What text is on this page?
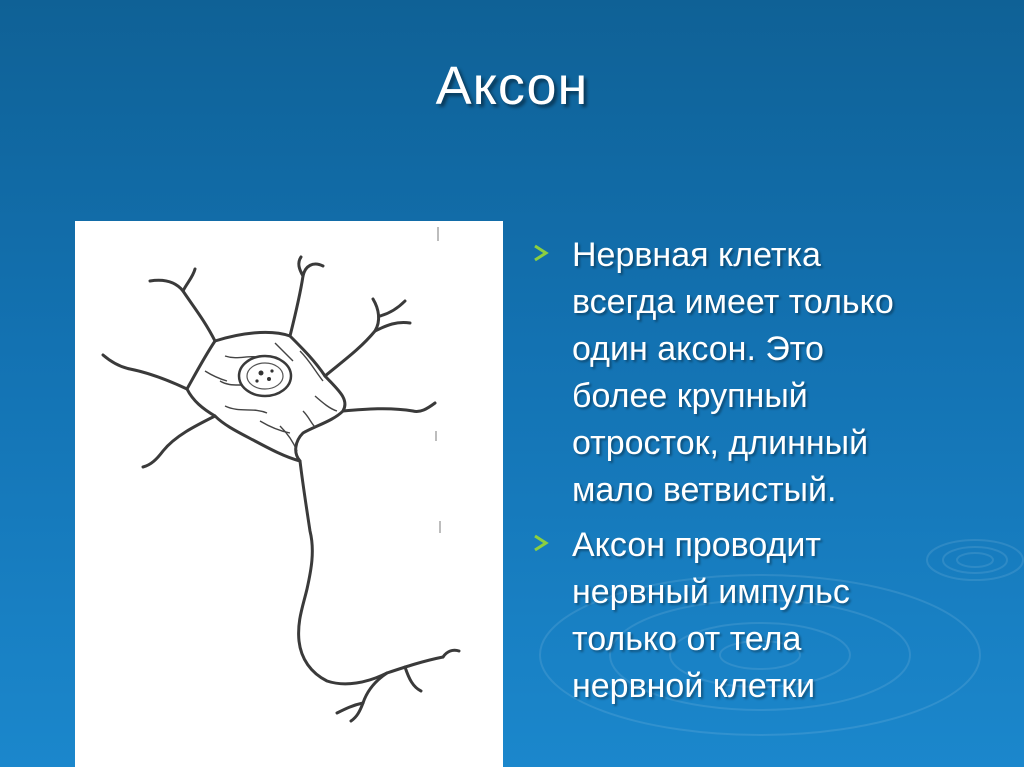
Аксон
Нервная клетка
всегда имеет только
один аксон. Это
более крупный
отросток, длинный
мало ветвистый.
Аксон проводит
нервный импульс
только от тела
нервной клетки
